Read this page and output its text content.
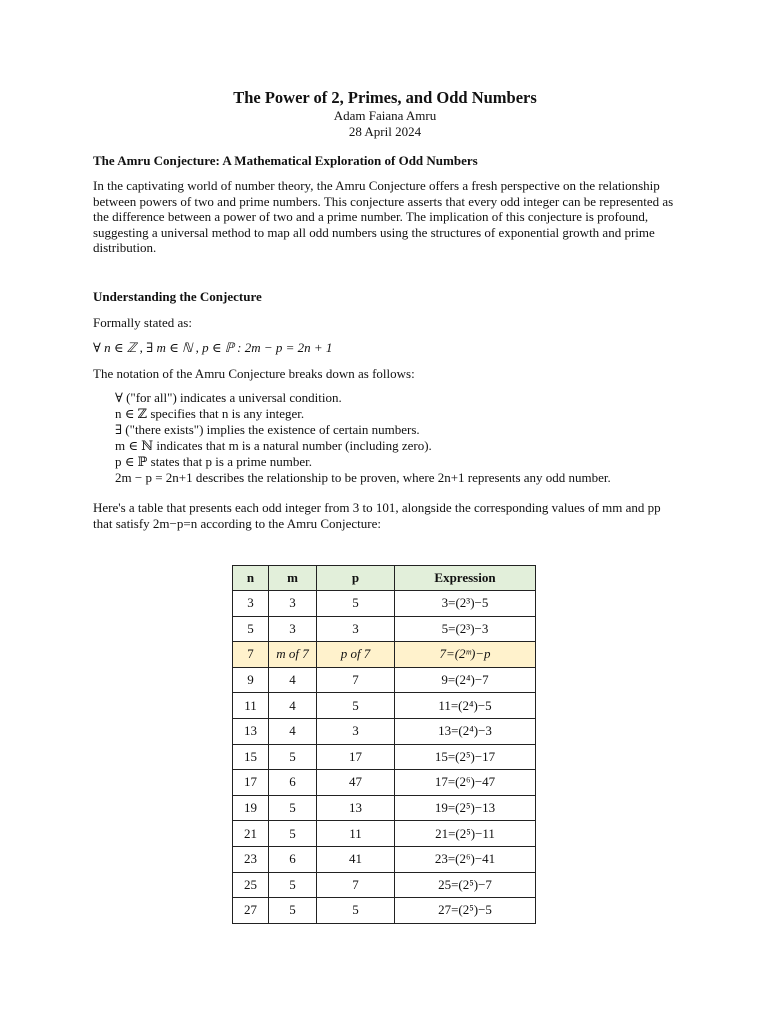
The Power of 2, Primes, and Odd Numbers
Adam Faiana Amru
28 April 2024
The Amru Conjecture: A Mathematical Exploration of Odd Numbers
In the captivating world of number theory, the Amru Conjecture offers a fresh perspective on the relationship between powers of two and prime numbers. This conjecture asserts that every odd integer can be represented as the difference between a power of two and a prime number. The implication of this conjecture is profound, suggesting a universal method to map all odd numbers using the structures of exponential growth and prime distribution.
Understanding the Conjecture
Formally stated as:
∀ n ∈ ℤ , ∃ m ∈ ℕ , p ∈ ℙ : 2m − p = 2n + 1
The notation of the Amru Conjecture breaks down as follows:
∀ ("for all") indicates a universal condition.
n ∈ ℤ specifies that n is any integer.
∃ ("there exists") implies the existence of certain numbers.
m ∈ ℕ indicates that m is a natural number (including zero).
p ∈ ℙ states that p is a prime number.
2m − p = 2n+1 describes the relationship to be proven, where 2n+1 represents any odd number.
Here's a table that presents each odd integer from 3 to 101, alongside the corresponding values of mm and pp that satisfy 2m−p=n according to the Amru Conjecture:
n	m	p	Expression
3	3	5	3=(2³)−5
5	3	3	5=(2³)−3
7	m of 7	p of 7	7=(2ᵐ)−p
9	4	7	9=(2⁴)−7
11	4	5	11=(2⁴)−5
13	4	3	13=(2⁴)−3
15	5	17	15=(2⁵)−17
17	6	47	17=(2⁶)−47
19	5	13	19=(2⁵)−13
21	5	11	21=(2⁵)−11
23	6	41	23=(2⁶)−41
25	5	7	25=(2⁵)−7
27	5	5	27=(2⁵)−5
